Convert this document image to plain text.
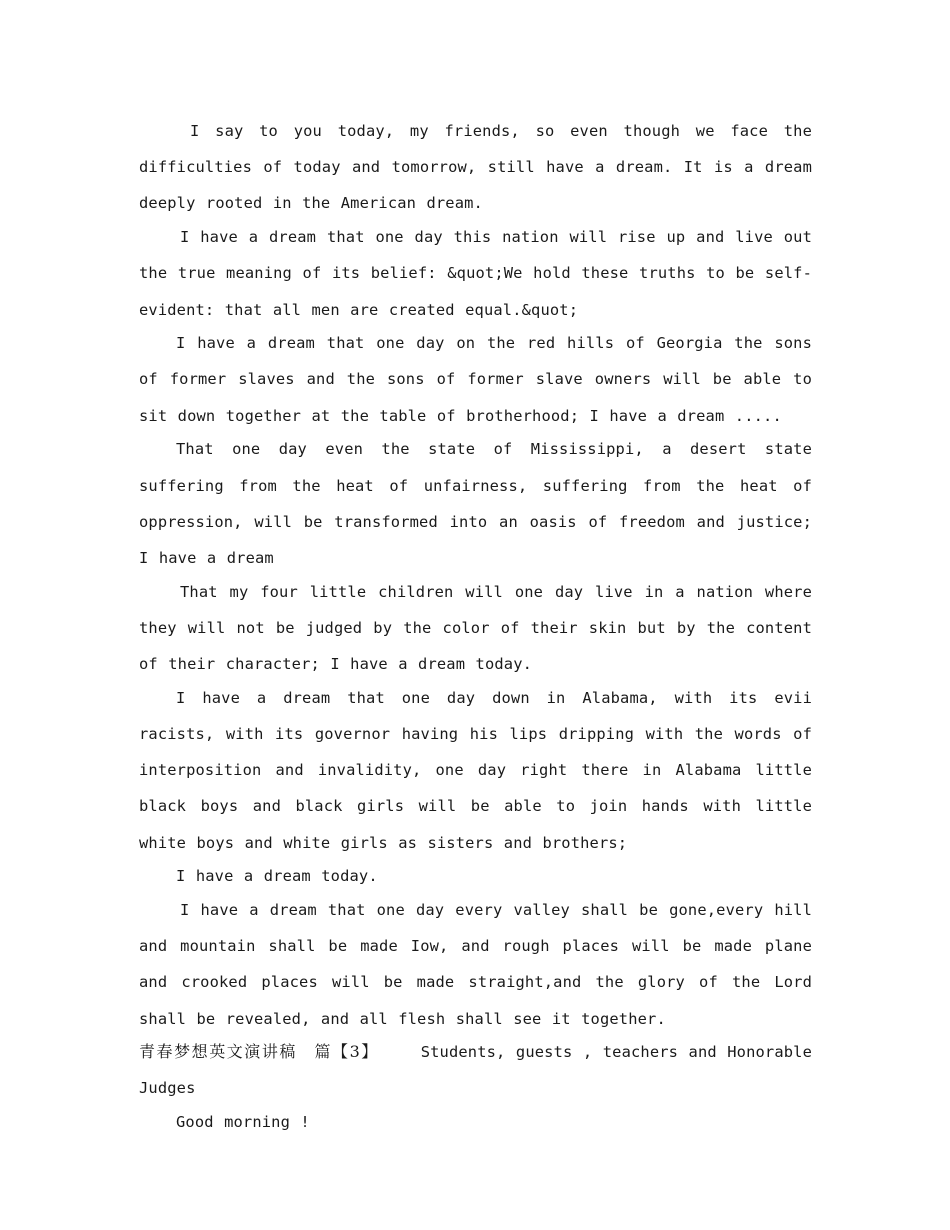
I say to you today, my friends, so even though we face the difficulties of today and tomorrow, still have a dream. It is a dream deeply rooted in the American dream.

I have a dream that one day this nation will rise up and live out the true meaning of its belief: &quot;We hold these truths to be self-evident: that all men are created equal.&quot;

I have a dream that one day on the red hills of Georgia the sons of former slaves and the sons of former slave owners will be able to sit down together at the table of brotherhood; I have a dream .....

That one day even the state of Mississippi, a desert state suffering from the heat of unfairness, suffering from the heat of oppression, will be transformed into an oasis of freedom and justice; I have a dream

That my four little children will one day live in a nation where they will not be judged by the color of their skin but by the content of their character; I have a dream today.

I have a dream that one day down in Alabama, with its evii racists, with its governor having his lips dripping with the words of interposition and invalidity, one day right there in Alabama little black boys and black girls will be able to join hands with little white boys and white girls as sisters and brothers;

I have a dream today.

I have a dream that one day every valley shall be gone,every hill and mountain shall be made Iow, and rough places will be made plane and crooked places will be made straight,and the glory of the Lord shall be revealed, and all flesh shall see it together.

青春梦想英文演讲稿　篇【3】	Students, guests , teachers and Honorable Judges

Good morning !
